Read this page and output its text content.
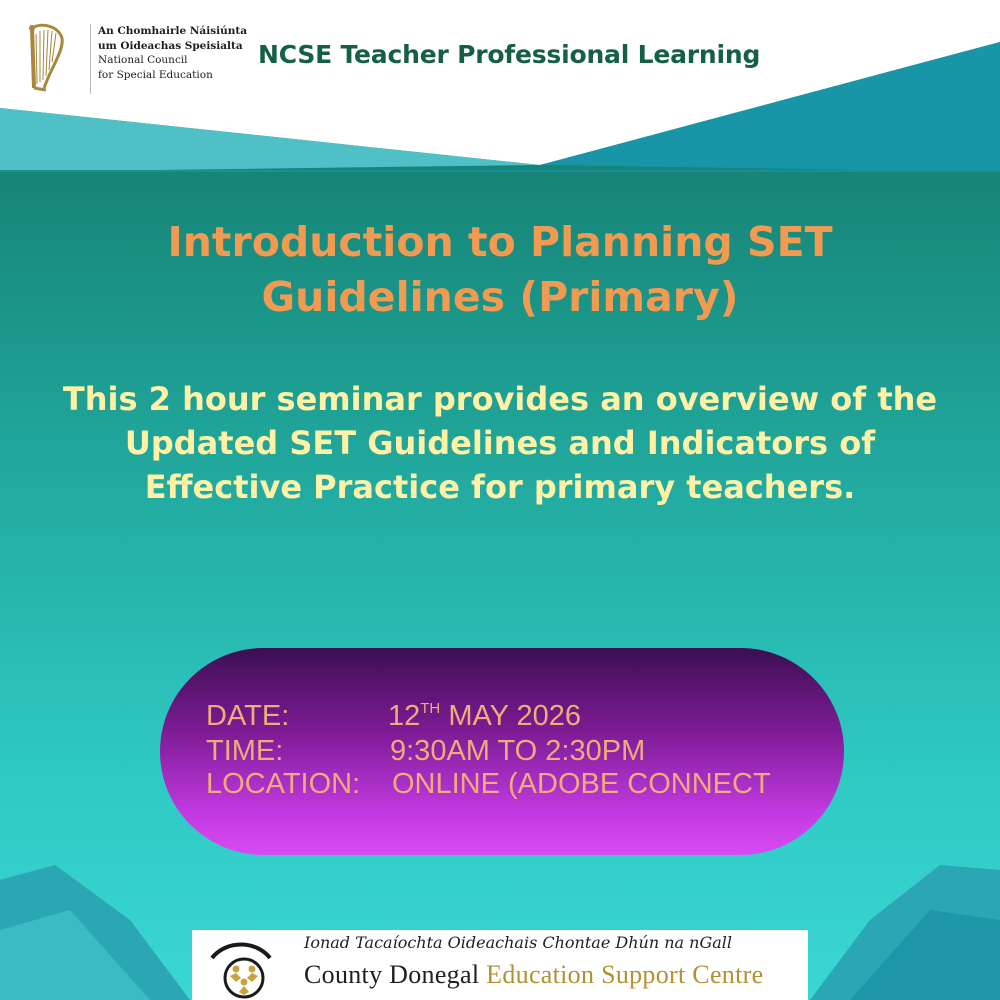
An Chomhairle Náisiúnta
um Oideachas Speisialta
National Council
for Special Education
NCSE Teacher Professional Learning
Introduction to Planning SET
Guidelines (Primary)
This 2 hour seminar provides an overview of the Updated SET Guidelines and Indicators of Effective Practice for primary teachers.
DATE:	12TH MAY 2026
TIME:	9:30AM TO 2:30PM
LOCATION: ONLINE (ADOBE CONNECT
Ionad Tacaíochta Oideachais Chontae Dhún na nGall
County Donegal Education Support Centre
